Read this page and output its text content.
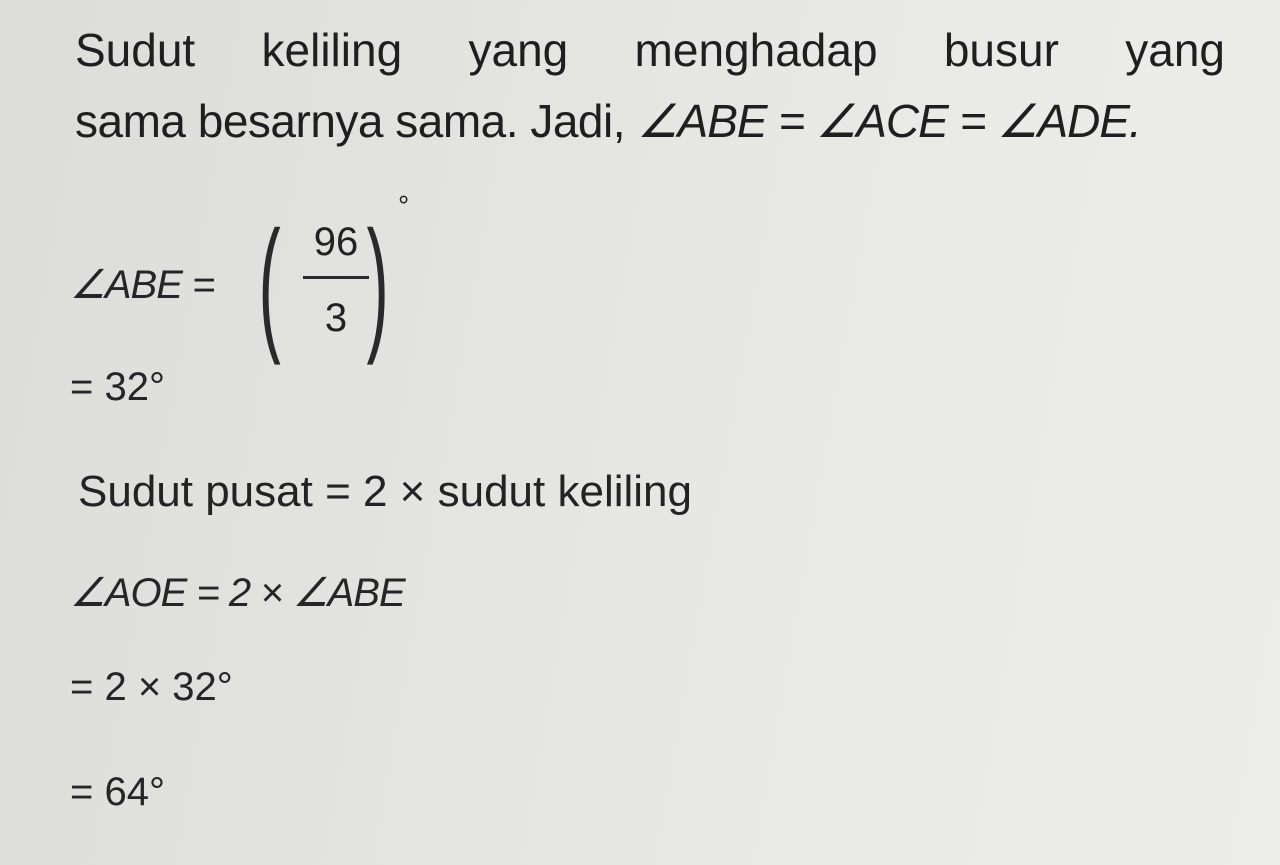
Sudut keliling yang menghadap busur yang
sama besarnya sama. Jadi, ∠ABE = ∠ACE = ∠ADE.
∠ABE = ( 96
3 ) °
= 32°
Sudut pusat = 2 × sudut keliling
∠AOE = 2 × ∠ABE
= 2 × 32°
= 64°
